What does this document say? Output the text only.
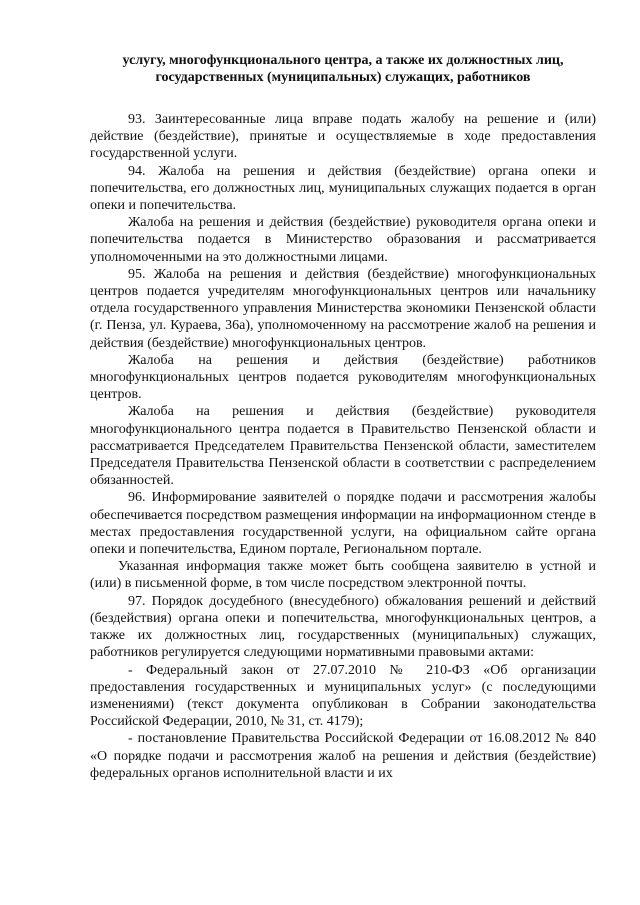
услугу, многофункционального центра, а также их должностных лиц,
государственных (муниципальных) служащих, работников

93. Заинтересованные лица вправе подать жалобу на решение и (или) действие (бездействие), принятые и осуществляемые в ходе предоставления государственной услуги.

94. Жалоба на решения и действия (бездействие) органа опеки и попечительства, его должностных лиц, муниципальных служащих подается в орган опеки и попечительства.

Жалоба на решения и действия (бездействие) руководителя органа опеки и попечительства подается в Министерство образования и рассматривается уполномоченными на это должностными лицами.

95. Жалоба на решения и действия (бездействие) многофункциональных центров подается учредителям многофункциональных центров или начальнику отдела государственного управления Министерства экономики Пензенской области (г. Пенза, ул. Кураева, 36а), уполномоченному на рассмотрение жалоб на решения и действия (бездействие) многофункциональных центров.

Жалоба на решения и действия (бездействие) работников многофункциональных центров подается руководителям многофункциональных центров.

Жалоба на решения и действия (бездействие) руководителя многофункционального центра подается в Правительство Пензенской области и рассматривается Председателем Правительства Пензенской области, заместителем Председателя Правительства Пензенской области в соответствии с распределением обязанностей.

96. Информирование заявителей о порядке подачи и рассмотрения жалобы обеспечивается посредством размещения информации на информационном стенде в местах предоставления государственной услуги, на официальном сайте органа опеки и попечительства, Едином портале, Региональном портале.

Указанная информация также может быть сообщена заявителю в устной и (или) в письменной форме, в том числе посредством электронной почты.

97. Порядок досудебного (внесудебного) обжалования решений и действий (бездействия) органа опеки и попечительства, многофункциональных центров, а также их должностных лиц, государственных (муниципальных) служащих, работников регулируется следующими нормативными правовыми актами:

- Федеральный закон от 27.07.2010 № 210-ФЗ «Об организации предоставления государственных и муниципальных услуг» (с последующими изменениями) (текст документа опубликован в Собрании законодательства Российской Федерации, 2010, № 31, ст. 4179);

- постановление Правительства Российской Федерации от 16.08.2012 № 840 «О порядке подачи и рассмотрения жалоб на решения и действия (бездействие) федеральных органов исполнительной власти и их
